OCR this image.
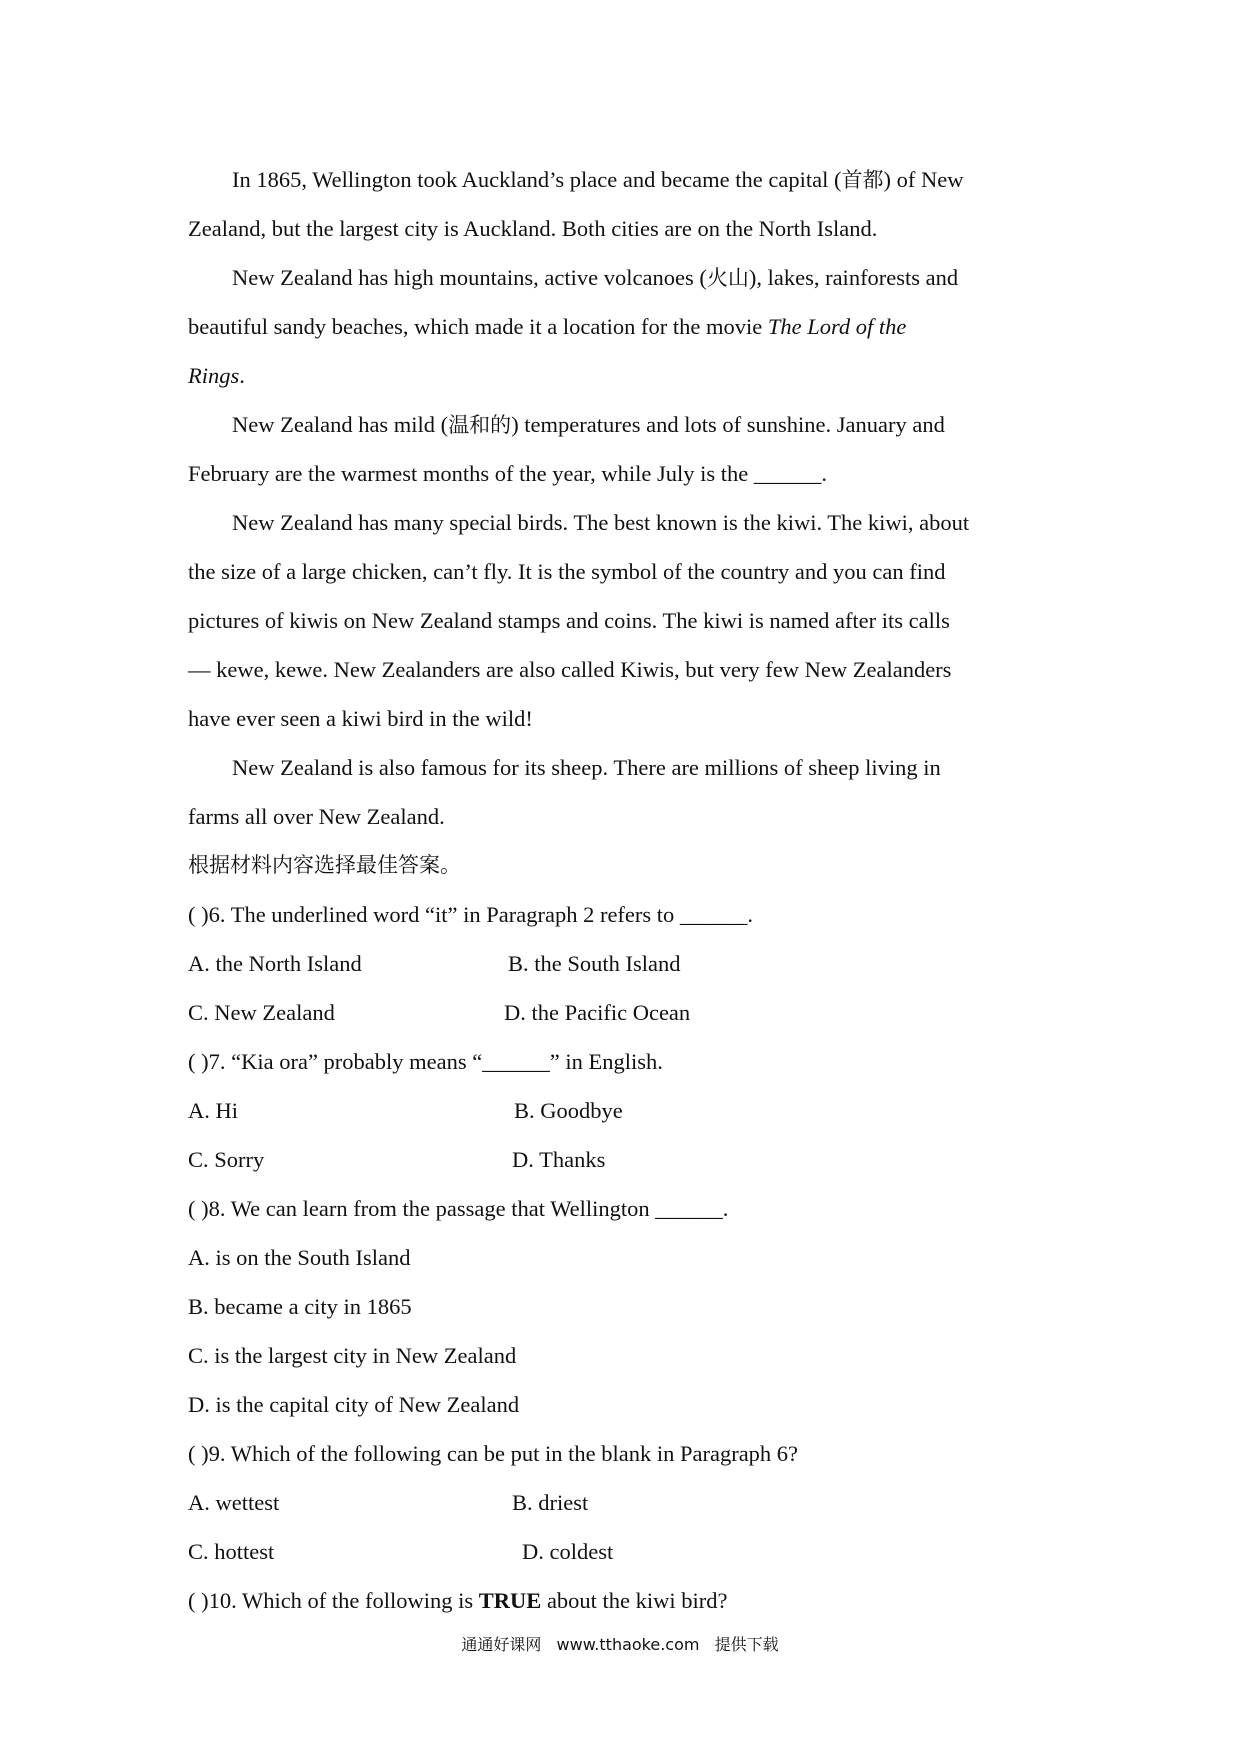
In 1865, Wellington took Auckland’s place and became the capital (首都) of New
Zealand, but the largest city is Auckland. Both cities are on the North Island.
New Zealand has high mountains, active volcanoes (火山), lakes, rainforests and
beautiful sandy beaches, which made it a location for the movie The Lord of the
Rings.
New Zealand has mild (温和的) temperatures and lots of sunshine. January and
February are the warmest months of the year, while July is the ______.
New Zealand has many special birds. The best known is the kiwi. The kiwi, about
the size of a large chicken, can’t fly. It is the symbol of the country and you can find
pictures of kiwis on New Zealand stamps and coins. The kiwi is named after its calls
— kewe, kewe. New Zealanders are also called Kiwis, but very few New Zealanders
have ever seen a kiwi bird in the wild!
New Zealand is also famous for its sheep. There are millions of sheep living in
farms all over New Zealand.
根据材料内容选择最佳答案。
( )6. The underlined word “it” in Paragraph 2 refers to ______.
A. the North Island	B. the South Island
C. New Zealand	D. the Pacific Ocean
( )7. “Kia ora” probably means “______” in English.
A. Hi	B. Goodbye
C. Sorry	D. Thanks
( )8. We can learn from the passage that Wellington ______.
A. is on the South Island
B. became a city in 1865
C. is the largest city in New Zealand
D. is the capital city of New Zealand
( )9. Which of the following can be put in the blank in Paragraph 6?
A. wettest	B. driest
C. hottest	D. coldest
( )10. Which of the following is TRUE about the kiwi bird?
通通好课网 www.tthaoke.com 提供下载
